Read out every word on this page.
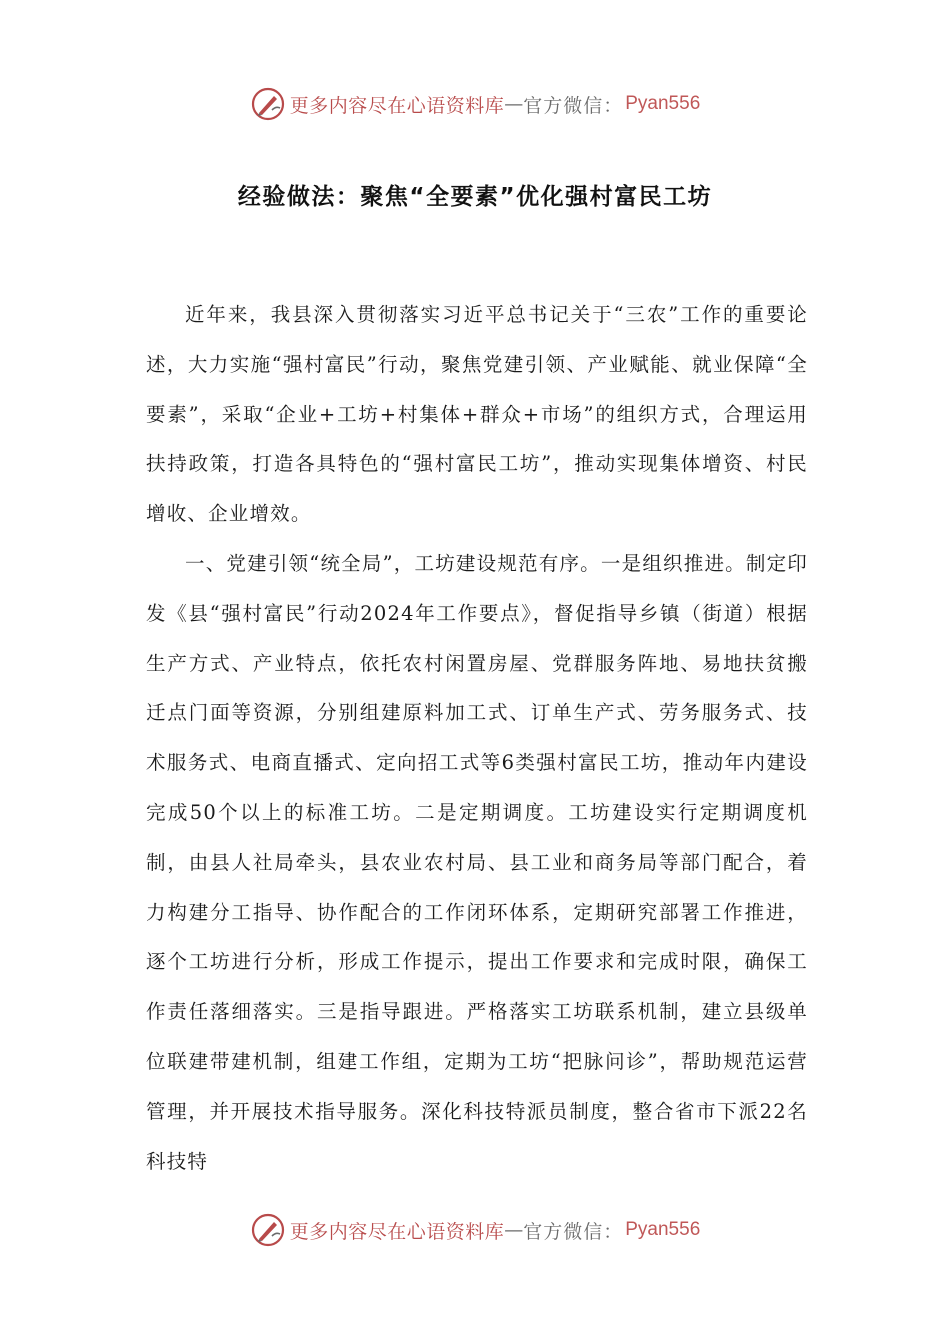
更多内容尽在心语资料库 — 官方微信： Pyan556
经验做法：聚焦“全要素”优化强村富民工坊

近年来，我县深入贯彻落实习近平总书记关于“三农”工作的重要论述，大力实施“强村富民”行动，聚焦党建引领、产业赋能、就业保障“全要素”，采取“企业+工坊+村集体+群众+市场”的组织方式，合理运用扶持政策，打造各具特色的“强村富民工坊”，推动实现集体增资、村民增收、企业增效。

一、党建引领“统全局”，工坊建设规范有序。一是组织推进。制定印发《县“强村富民”行动2024年工作要点》，督促指导乡镇（街道）根据生产方式、产业特点，依托农村闲置房屋、党群服务阵地、易地扶贫搬迁点门面等资源，分别组建原料加工式、订单生产式、劳务服务式、技术服务式、电商直播式、定向招工式等6类强村富民工坊，推动年内建设完成50个以上的标准工坊。二是定期调度。工坊建设实行定期调度机制，由县人社局牵头，县农业农村局、县工业和商务局等部门配合，着力构建分工指导、协作配合的工作闭环体系，定期研究部署工作推进，逐个工坊进行分析，形成工作提示，提出工作要求和完成时限，确保工作责任落细落实。三是指导跟进。严格落实工坊联系机制，建立县级单位联建带建机制，组建工作组，定期为工坊“把脉问诊”，帮助规范运营管理，并开展技术指导服务。深化科技特派员制度，整合省市下派22名科技特

更多内容尽在心语资料库 — 官方微信： Pyan556
